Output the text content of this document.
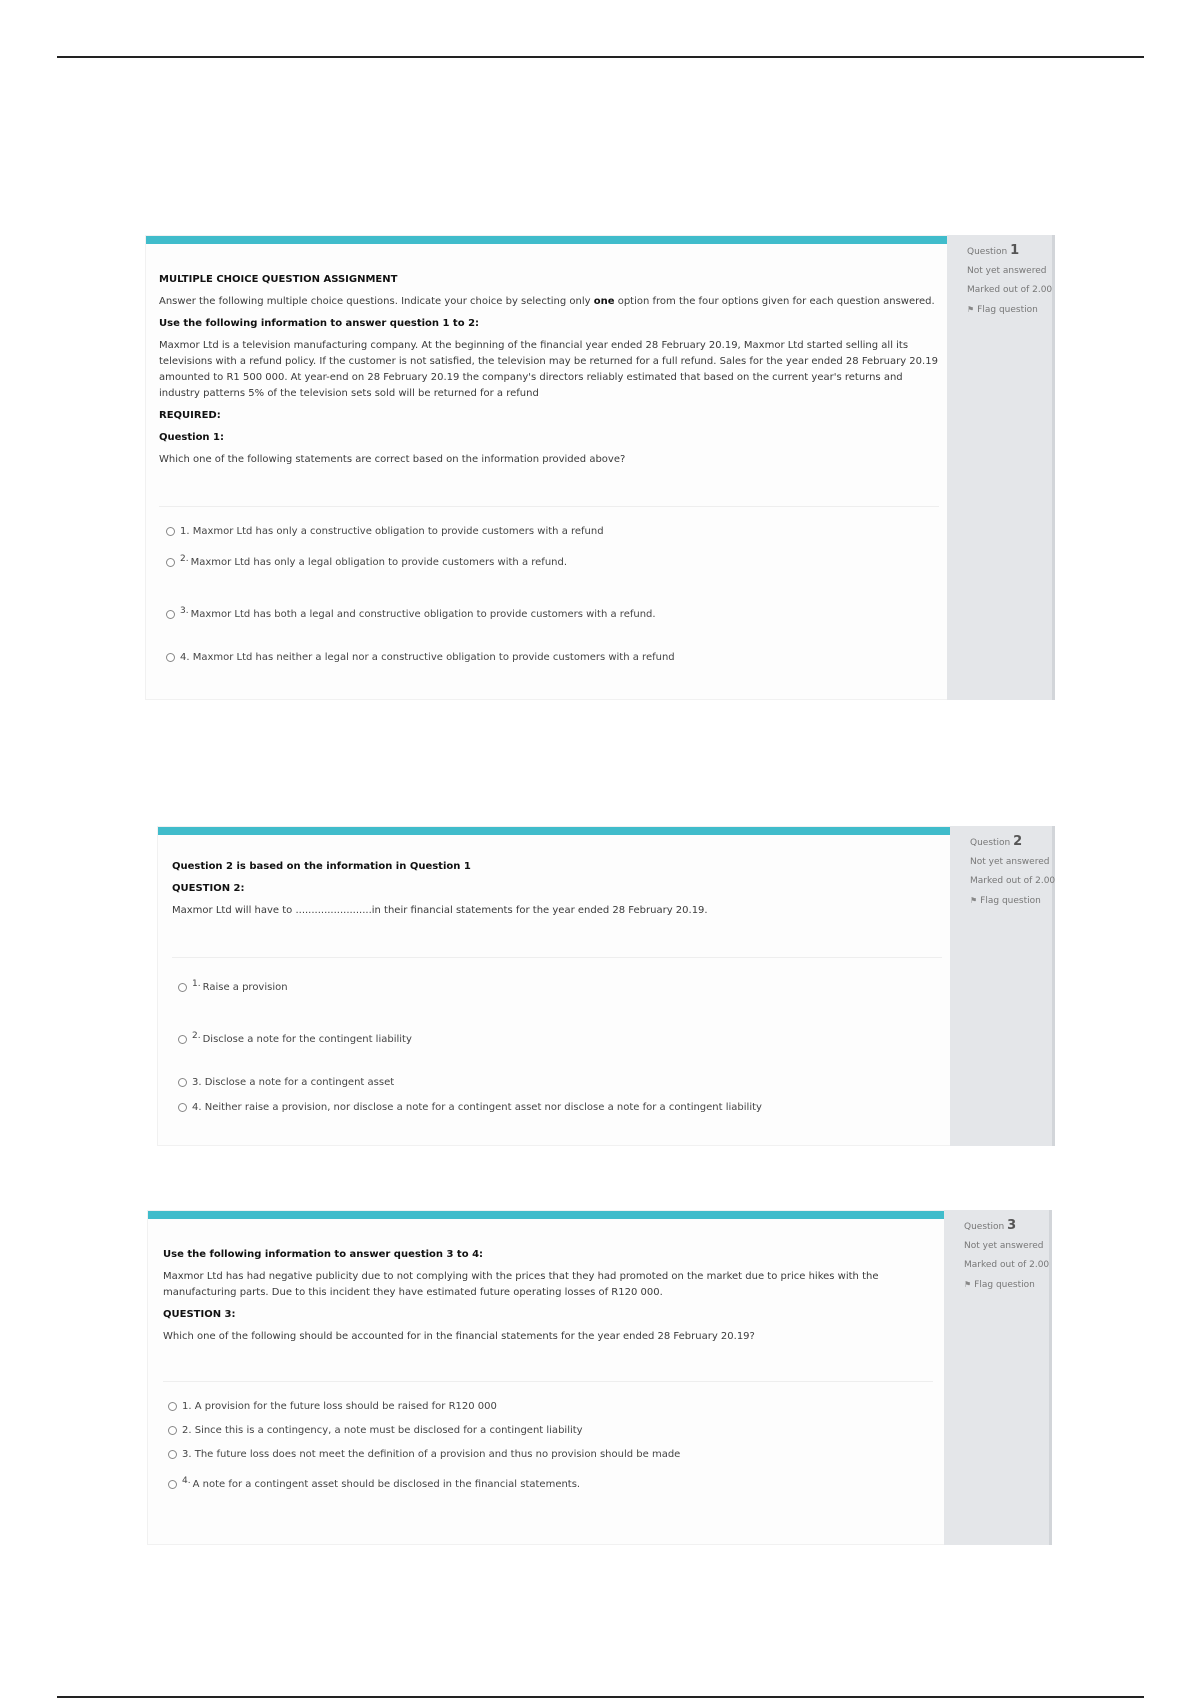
MULTIPLE CHOICE QUESTION ASSIGNMENT

Answer the following multiple choice questions. Indicate your choice by selecting only one option from the four options given for each question answered.

Use the following information to answer question 1 to 2:

Maxmor Ltd is a television manufacturing company. At the beginning of the financial year ended 28 February 20.19, Maxmor Ltd started selling all its televisions with a refund policy. If the customer is not satisfied, the television may be returned for a full refund. Sales for the year ended 28 February 20.19 amounted to R1 500 000. At year-end on 28 February 20.19 the company's directors reliably estimated that based on the current year's returns and industry patterns 5% of the television sets sold will be returned for a refund

REQUIRED:

Question 1:

Which one of the following statements are correct based on the information provided above?

1. Maxmor Ltd has only a constructive obligation to provide customers with a refund
2. Maxmor Ltd has only a legal obligation to provide customers with a refund.
3. Maxmor Ltd has both a legal and constructive obligation to provide customers with a refund.
4. Maxmor Ltd has neither a legal nor a constructive obligation to provide customers with a refund
Question 1
Not yet answered
Marked out of 2.00
⚑ Flag question

Question 2 is based on the information in Question 1

QUESTION 2:

Maxmor Ltd will have to ........................in their financial statements for the year ended 28 February 20.19.

1. Raise a provision
2. Disclose a note for the contingent liability
3. Disclose a note for a contingent asset
4. Neither raise a provision, nor disclose a note for a contingent asset nor disclose a note for a contingent liability
Question 2
Not yet answered
Marked out of 2.00
⚑ Flag question

Use the following information to answer question 3 to 4:

Maxmor Ltd has had negative publicity due to not complying with the prices that they had promoted on the market due to price hikes with the manufacturing parts. Due to this incident they have estimated future operating losses of R120 000.

QUESTION 3:

Which one of the following should be accounted for in the financial statements for the year ended 28 February 20.19?

1. A provision for the future loss should be raised for R120 000
2. Since this is a contingency, a note must be disclosed for a contingent liability
3. The future loss does not meet the definition of a provision and thus no provision should be made
4. A note for a contingent asset should be disclosed in the financial statements.
Question 3
Not yet answered
Marked out of 2.00
⚑ Flag question
